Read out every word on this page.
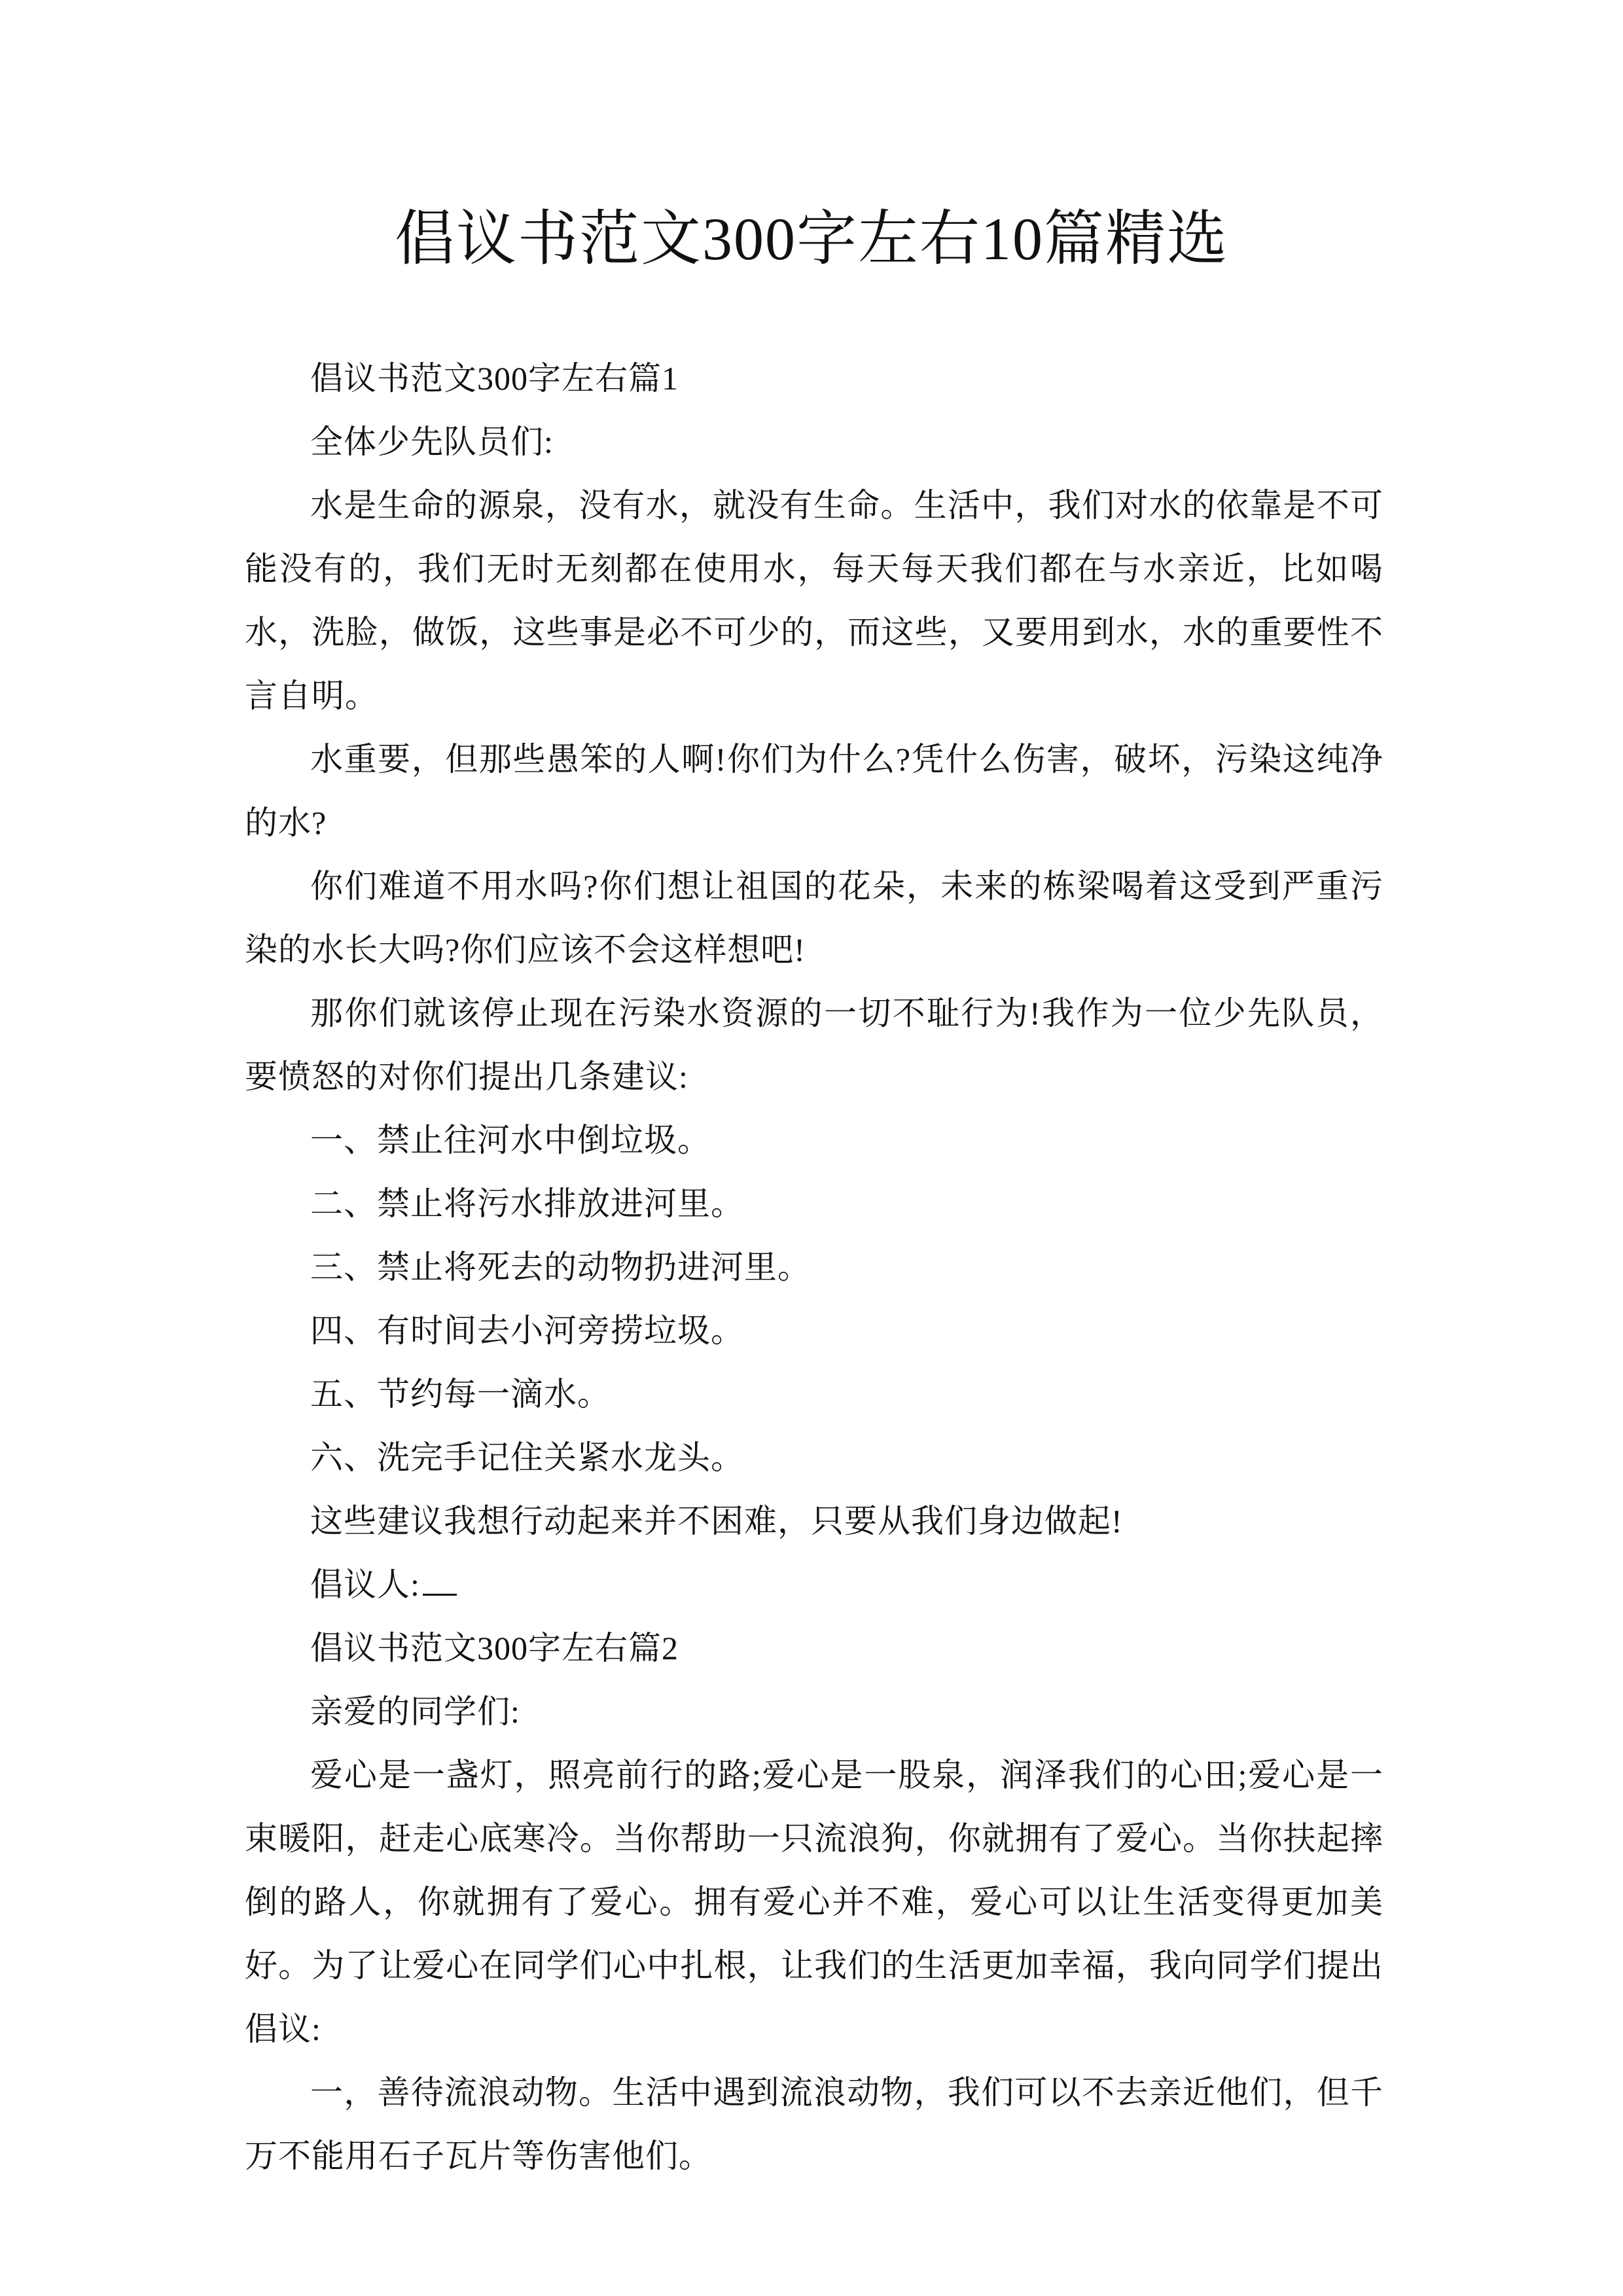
倡议书范文300字左右10篇精选

倡议书范文300字左右篇1

全体少先队员们:

水是生命的源泉，没有水，就没有生命。生活中，我们对水的依靠是不可能没有的，我们无时无刻都在使用水，每天每天我们都在与水亲近，比如喝水，洗脸，做饭，这些事是必不可少的，而这些，又要用到水，水的重要性不言自明。

水重要，但那些愚笨的人啊!你们为什么?凭什么伤害，破坏，污染这纯净的水?

你们难道不用水吗?你们想让祖国的花朵，未来的栋梁喝着这受到严重污染的水长大吗?你们应该不会这样想吧!

那你们就该停止现在污染水资源的一切不耻行为!我作为一位少先队员，要愤怒的对你们提出几条建议:

一、禁止往河水中倒垃圾。

二、禁止将污水排放进河里。

三、禁止将死去的动物扔进河里。

四、有时间去小河旁捞垃圾。

五、节约每一滴水。

六、洗完手记住关紧水龙头。

这些建议我想行动起来并不困难，只要从我们身边做起!

倡议人:

倡议书范文300字左右篇2

亲爱的同学们:

爱心是一盏灯，照亮前行的路;爱心是一股泉，润泽我们的心田;爱心是一束暖阳，赶走心底寒冷。当你帮助一只流浪狗，你就拥有了爱心。当你扶起摔倒的路人，你就拥有了爱心。拥有爱心并不难，爱心可以让生活变得更加美好。为了让爱心在同学们心中扎根，让我们的生活更加幸福，我向同学们提出倡议:

一，善待流浪动物。生活中遇到流浪动物，我们可以不去亲近他们，但千万不能用石子瓦片等伤害他们。
